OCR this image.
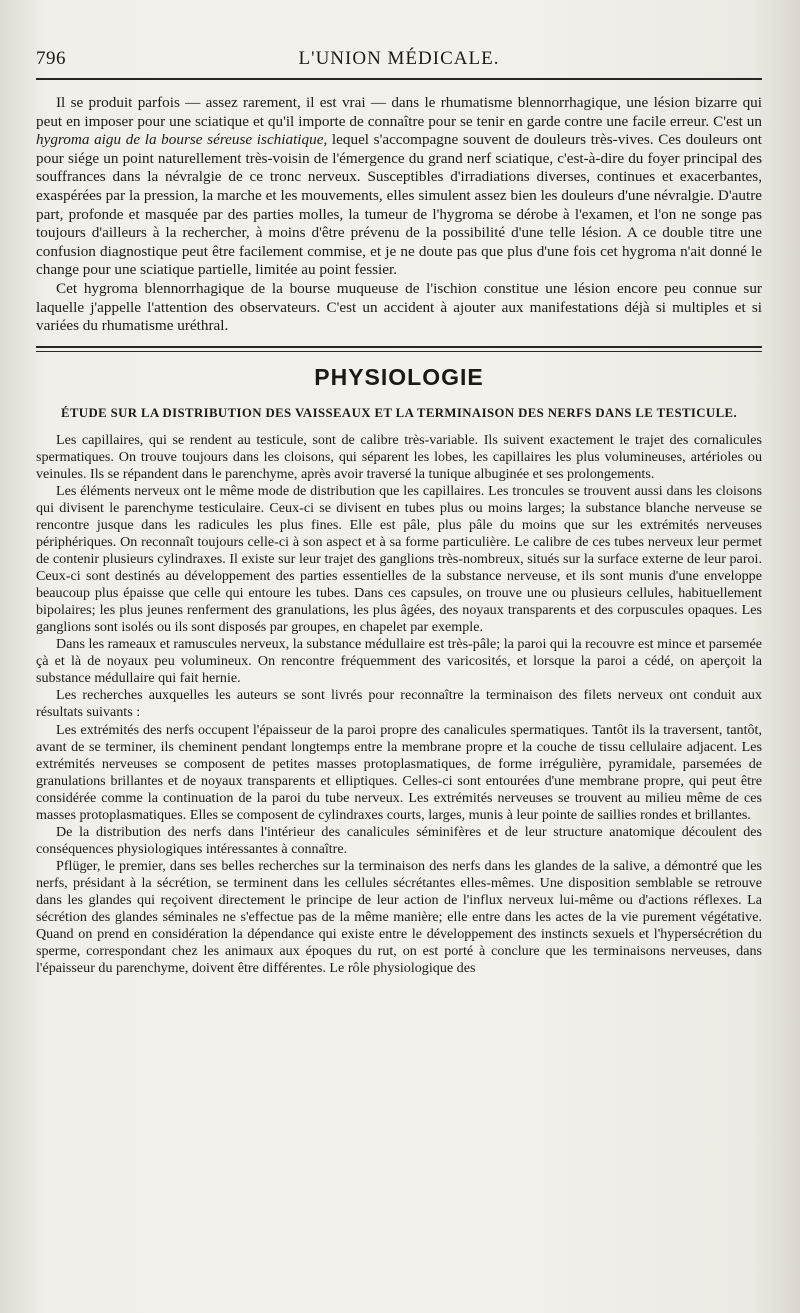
796	L'UNION MÉDICALE.

Il se produit parfois — assez rarement, il est vrai — dans le rhumatisme blennorrhagique, une lésion bizarre qui peut en imposer pour une sciatique et qu'il importe de connaître pour se tenir en garde contre une facile erreur. C'est un hygroma aigu de la bourse séreuse ischiatique, lequel s'accompagne souvent de douleurs très-vives. Ces douleurs ont pour siége un point naturellement très-voisin de l'émergence du grand nerf sciatique, c'est-à-dire du foyer principal des souffrances dans la névralgie de ce tronc nerveux. Susceptibles d'irradiations diverses, continues et exacerbantes, exaspérées par la pression, la marche et les mouvements, elles simulent assez bien les douleurs d'une névralgie. D'autre part, profonde et masquée par des parties molles, la tumeur de l'hygroma se dérobe à l'examen, et l'on ne songe pas toujours d'ailleurs à la rechercher, à moins d'être prévenu de la possibilité d'une telle lésion. A ce double titre une confusion diagnostique peut être facilement commise, et je ne doute pas que plus d'une fois cet hygroma n'ait donné le change pour une sciatique partielle, limitée au point fessier.

Cet hygroma blennorrhagique de la bourse muqueuse de l'ischion constitue une lésion encore peu connue sur laquelle j'appelle l'attention des observateurs. C'est un accident à ajouter aux manifestations déjà si multiples et si variées du rhumatisme uréthral.

PHYSIOLOGIE
ÉTUDE SUR LA DISTRIBUTION DES VAISSEAUX ET LA TERMINAISON DES NERFS DANS LE TESTICULE.

Les capillaires, qui se rendent au testicule, sont de calibre très-variable. Ils suivent exactement le trajet des cornalicules spermatiques. On trouve toujours dans les cloisons, qui séparent les lobes, les capillaires les plus volumineuses, artérioles ou veinules. Ils se répandent dans le parenchyme, après avoir traversé la tunique albuginée et ses prolongements.

Les éléments nerveux ont le même mode de distribution que les capillaires. Les troncules se trouvent aussi dans les cloisons qui divisent le parenchyme testiculaire. Ceux-ci se divisent en tubes plus ou moins larges; la substance blanche nerveuse se rencontre jusque dans les radicules les plus fines. Elle est pâle, plus pâle du moins que sur les extrémités nerveuses périphériques. On reconnaît toujours celle-ci à son aspect et à sa forme particulière. Le calibre de ces tubes nerveux leur permet de contenir plusieurs cylindraxes. Il existe sur leur trajet des ganglions très-nombreux, situés sur la surface externe de leur paroi. Ceux-ci sont destinés au développement des parties essentielles de la substance nerveuse, et ils sont munis d'une enveloppe beaucoup plus épaisse que celle qui entoure les tubes. Dans ces capsules, on trouve une ou plusieurs cellules, habituellement bipolaires; les plus jeunes renferment des granulations, les plus âgées, des noyaux transparents et des corpuscules opaques. Les ganglions sont isolés ou ils sont disposés par groupes, en chapelet par exemple.

Dans les rameaux et ramuscules nerveux, la substance médullaire est très-pâle; la paroi qui la recouvre est mince et parsemée çà et là de noyaux peu volumineux. On rencontre fréquemment des varicosités, et lorsque la paroi a cédé, on aperçoit la substance médullaire qui fait hernie.

Les recherches auxquelles les auteurs se sont livrés pour reconnaître la terminaison des filets nerveux ont conduit aux résultats suivants :

Les extrémités des nerfs occupent l'épaisseur de la paroi propre des canalicules spermatiques. Tantôt ils la traversent, tantôt, avant de se terminer, ils cheminent pendant longtemps entre la membrane propre et la couche de tissu cellulaire adjacent. Les extrémités nerveuses se composent de petites masses protoplasmatiques, de forme irrégulière, pyramidale, parsemées de granulations brillantes et de noyaux transparents et elliptiques. Celles-ci sont entourées d'une membrane propre, qui peut être considérée comme la continuation de la paroi du tube nerveux. Les extrémités nerveuses se trouvent au milieu même de ces masses protoplasmatiques. Elles se composent de cylindraxes courts, larges, munis à leur pointe de saillies rondes et brillantes.

De la distribution des nerfs dans l'intérieur des canalicules séminifères et de leur structure anatomique découlent des conséquences physiologiques intéressantes à connaître.

Pflüger, le premier, dans ses belles recherches sur la terminaison des nerfs dans les glandes de la salive, a démontré que les nerfs, présidant à la sécrétion, se terminent dans les cellules sécrétantes elles-mêmes. Une disposition semblable se retrouve dans les glandes qui reçoivent directement le principe de leur action de l'influx nerveux lui-même ou d'actions réflexes. La sécrétion des glandes séminales ne s'effectue pas de la même manière; elle entre dans les actes de la vie purement végétative. Quand on prend en considération la dépendance qui existe entre le développement des instincts sexuels et l'hypersécrétion du sperme, correspondant chez les animaux aux époques du rut, on est porté à conclure que les terminaisons nerveuses, dans l'épaisseur du parenchyme, doivent être différentes. Le rôle physiologique des
